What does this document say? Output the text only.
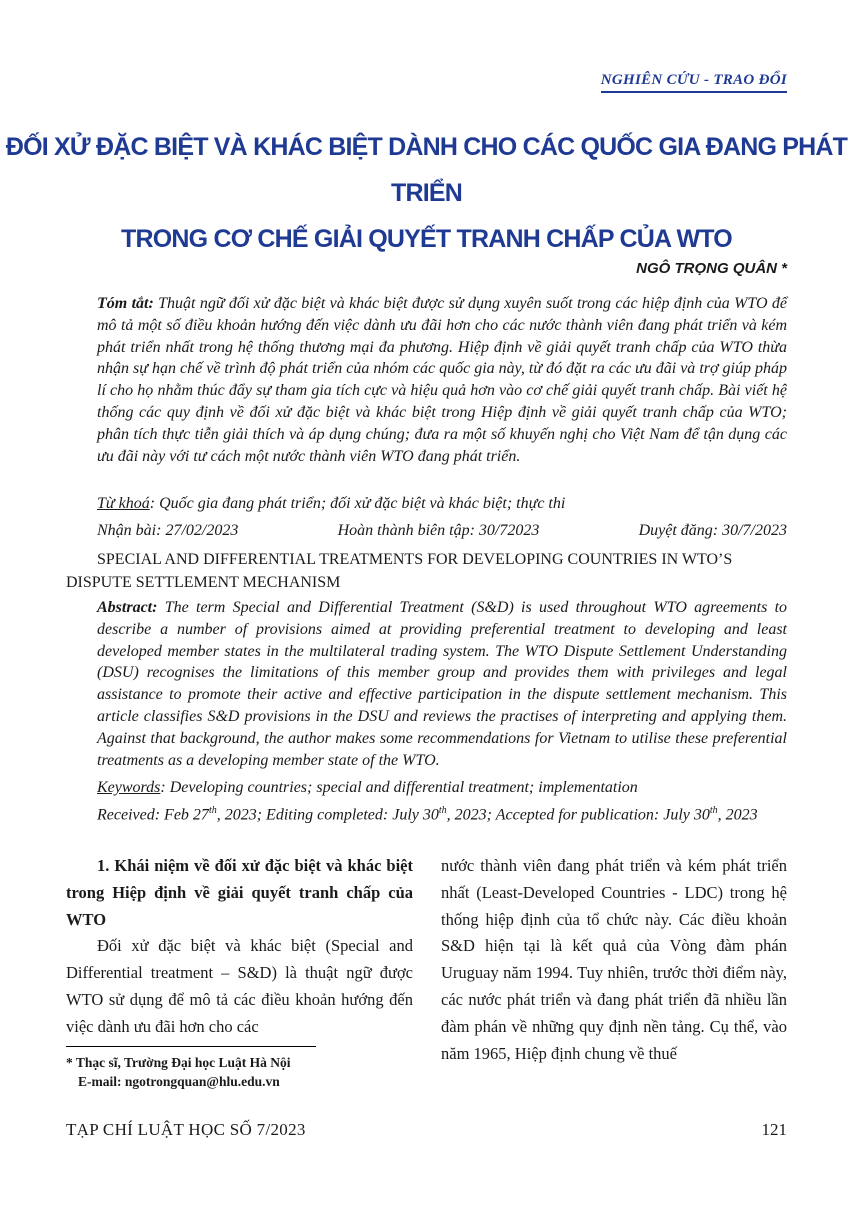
NGHIÊN CỨU - TRAO ĐỔI
ĐỐI XỬ ĐẶC BIỆT VÀ KHÁC BIỆT DÀNH CHO CÁC QUỐC GIA ĐANG PHÁT TRIỂN
TRONG CƠ CHẾ GIẢI QUYẾT TRANH CHẤP CỦA WTO
NGÔ TRỌNG QUÂN *
Tóm tắt: Thuật ngữ đối xử đặc biệt và khác biệt được sử dụng xuyên suốt trong các hiệp định của WTO để mô tả một số điều khoản hướng đến việc dành ưu đãi hơn cho các nước thành viên đang phát triển và kém phát triển nhất trong hệ thống thương mại đa phương. Hiệp định về giải quyết tranh chấp của WTO thừa nhận sự hạn chế về trình độ phát triển của nhóm các quốc gia này, từ đó đặt ra các ưu đãi và trợ giúp pháp lí cho họ nhằm thúc đẩy sự tham gia tích cực và hiệu quả hơn vào cơ chế giải quyết tranh chấp. Bài viết hệ thống các quy định về đối xử đặc biệt và khác biệt trong Hiệp định về giải quyết tranh chấp của WTO; phân tích thực tiễn giải thích và áp dụng chúng; đưa ra một số khuyến nghị cho Việt Nam để tận dụng các ưu đãi này với tư cách một nước thành viên WTO đang phát triển.
Từ khoá: Quốc gia đang phát triển; đối xử đặc biệt và khác biệt; thực thi
Nhận bài: 27/02/2023	Hoàn thành biên tập: 30/72023	Duyệt đăng: 30/7/2023
SPECIAL AND DIFFERENTIAL TREATMENTS FOR DEVELOPING COUNTRIES IN WTO’S DISPUTE SETTLEMENT MECHANISM
Abstract: The term Special and Differential Treatment (S&D) is used throughout WTO agreements to describe a number of provisions aimed at providing preferential treatment to developing and least developed member states in the multilateral trading system. The WTO Dispute Settlement Understanding (DSU) recognises the limitations of this member group and provides them with privileges and legal assistance to promote their active and effective participation in the dispute settlement mechanism. This article classifies S&D provisions in the DSU and reviews the practises of interpreting and applying them. Against that background, the author makes some recommendations for Vietnam to utilise these preferential treatments as a developing member state of the WTO.
Keywords: Developing countries; special and differential treatment; implementation
Received: Feb 27th, 2023; Editing completed: July 30th, 2023; Accepted for publication: July 30th, 2023
1. Khái niệm về đối xử đặc biệt và khác biệt trong Hiệp định về giải quyết tranh chấp của WTO
Đối xử đặc biệt và khác biệt (Special and Differential treatment – S&D) là thuật ngữ được WTO sử dụng để mô tả các điều khoản hướng đến việc dành ưu đãi hơn cho các
nước thành viên đang phát triển và kém phát triển nhất (Least-Developed Countries - LDC) trong hệ thống hiệp định của tổ chức này. Các điều khoản S&D hiện tại là kết quả của Vòng đàm phán Uruguay năm 1994. Tuy nhiên, trước thời điểm này, các nước phát triển và đang phát triển đã nhiều lần đàm phán về những quy định nền tảng. Cụ thể, vào năm 1965, Hiệp định chung về thuế
* Thạc sĩ, Trường Đại học Luật Hà Nội
E-mail: ngotrongquan@hlu.edu.vn
TẠP CHÍ LUẬT HỌC SỐ 7/2023	121
